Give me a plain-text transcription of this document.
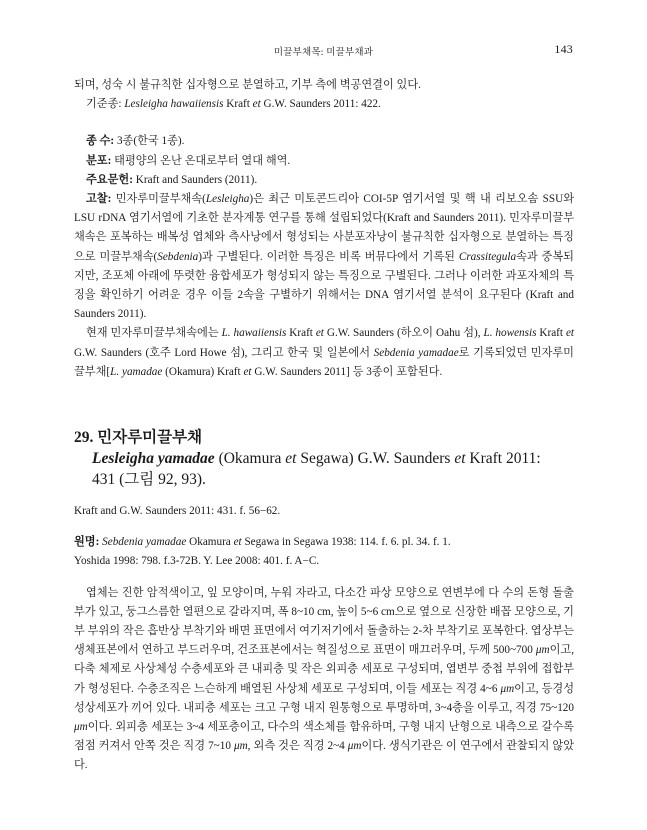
미끌부채목: 미끌부채과	143

되며, 성숙 시 불규칙한 십자형으로 분열하고, 기부 측에 벽공연결이 있다.

기준종: Lesleigha hawaiiensis Kraft et G.W. Saunders 2011: 422.

종 수: 3종(한국 1종).

분포: 태평양의 온난 온대로부터 열대 해역.

주요문헌: Kraft and Saunders (2011).

고찰: 민자루미끌부채속(Lesleigha)은 최근 미토콘드리아 COI-5P 염기서열 및 핵 내 리보오솜 SSU와 LSU rDNA 염기서열에 기초한 분자계통 연구를 통해 설립되었다(Kraft and Saunders 2011). 민자루미끌부채속은 포복하는 배복성 엽체와 측사낭에서 형성되는 사분포자낭이 불규칙한 십자형으로 분열하는 특징으로 미끌부채속(Sebdenia)과 구별된다. 이러한 특징은 비록 버뮤다에서 기록된 Crassitegula속과 중복되지만, 조포체 아래에 뚜렷한 융합세포가 형성되지 않는 특징으로 구별된다. 그러나 이러한 과포자체의 특징을 확인하기 어려운 경우 이들 2속을 구별하기 위해서는 DNA 염기서열 분석이 요구된다 (Kraft and Saunders 2011).

현재 민자루미끌부채속에는 L. hawaiiensis Kraft et G.W. Saunders (하오이 Oahu 섬), L. howensis Kraft et G.W. Saunders (호주 Lord Howe 섬), 그리고 한국 및 일본에서 Sebdenia yamadae로 기록되었던 민자루미끌부채[L. yamadae (Okamura) Kraft et G.W. Saunders 2011] 등 3종이 포함된다.

29. 민자루미끌부채

Lesleigha yamadae (Okamura et Segawa) G.W. Saunders et Kraft 2011:
431 (그림 92, 93).

Kraft and G.W. Saunders 2011: 431. f. 56−62.

원명: Sebdenia yamadae Okamura et Segawa in Segawa 1938: 114. f. 6. pl. 34. f. 1.

Yoshida 1998: 798. f.3-72B. Y. Lee 2008: 401. f. A−C.

엽체는 진한 암적색이고, 잎 모양이며, 누워 자라고, 다소간 파상 모양으로 연변부에 다 수의 돈형 돌출부가 있고, 둥그스름한 열편으로 갈라지며, 폭 8~10 cm, 높이 5~6 cm으로 옆으로 신장한 배꼽 모양으로, 기부 부위의 작은 흡반상 부착기와 배면 표면에서 여기저기에서 돌출하는 2-차 부착기로 포복한다. 엽상부는 생체표본에서 연하고 부드러우며, 건조표본에서는 혁질성으로 표면이 매끄러우며, 두께 500~700 μm이고, 다축 체제로 사상체성 수층세포와 큰 내피층 및 작은 외피층 세포로 구성되며, 엽변부 중첩 부위에 접합부가 형성된다. 수층조직은 느슨하게 배열된 사상체 세포로 구성되며, 이들 세포는 직경 4~6 μm이고, 등경성 성상세포가 끼어 있다. 내피층 세포는 크고 구형 내지 원통형으로 투명하며, 3~4층을 이루고, 직경 75~120 μm이다. 외피층 세포는 3~4 세포층이고, 다수의 색소체를 함유하며, 구형 내지 난형으로 내측으로 갈수록 점점 커져서 안쪽 것은 직경 7~10 μm, 외측 것은 직경 2~4 μm이다. 생식기관은 이 연구에서 관찰되지 않았다.
